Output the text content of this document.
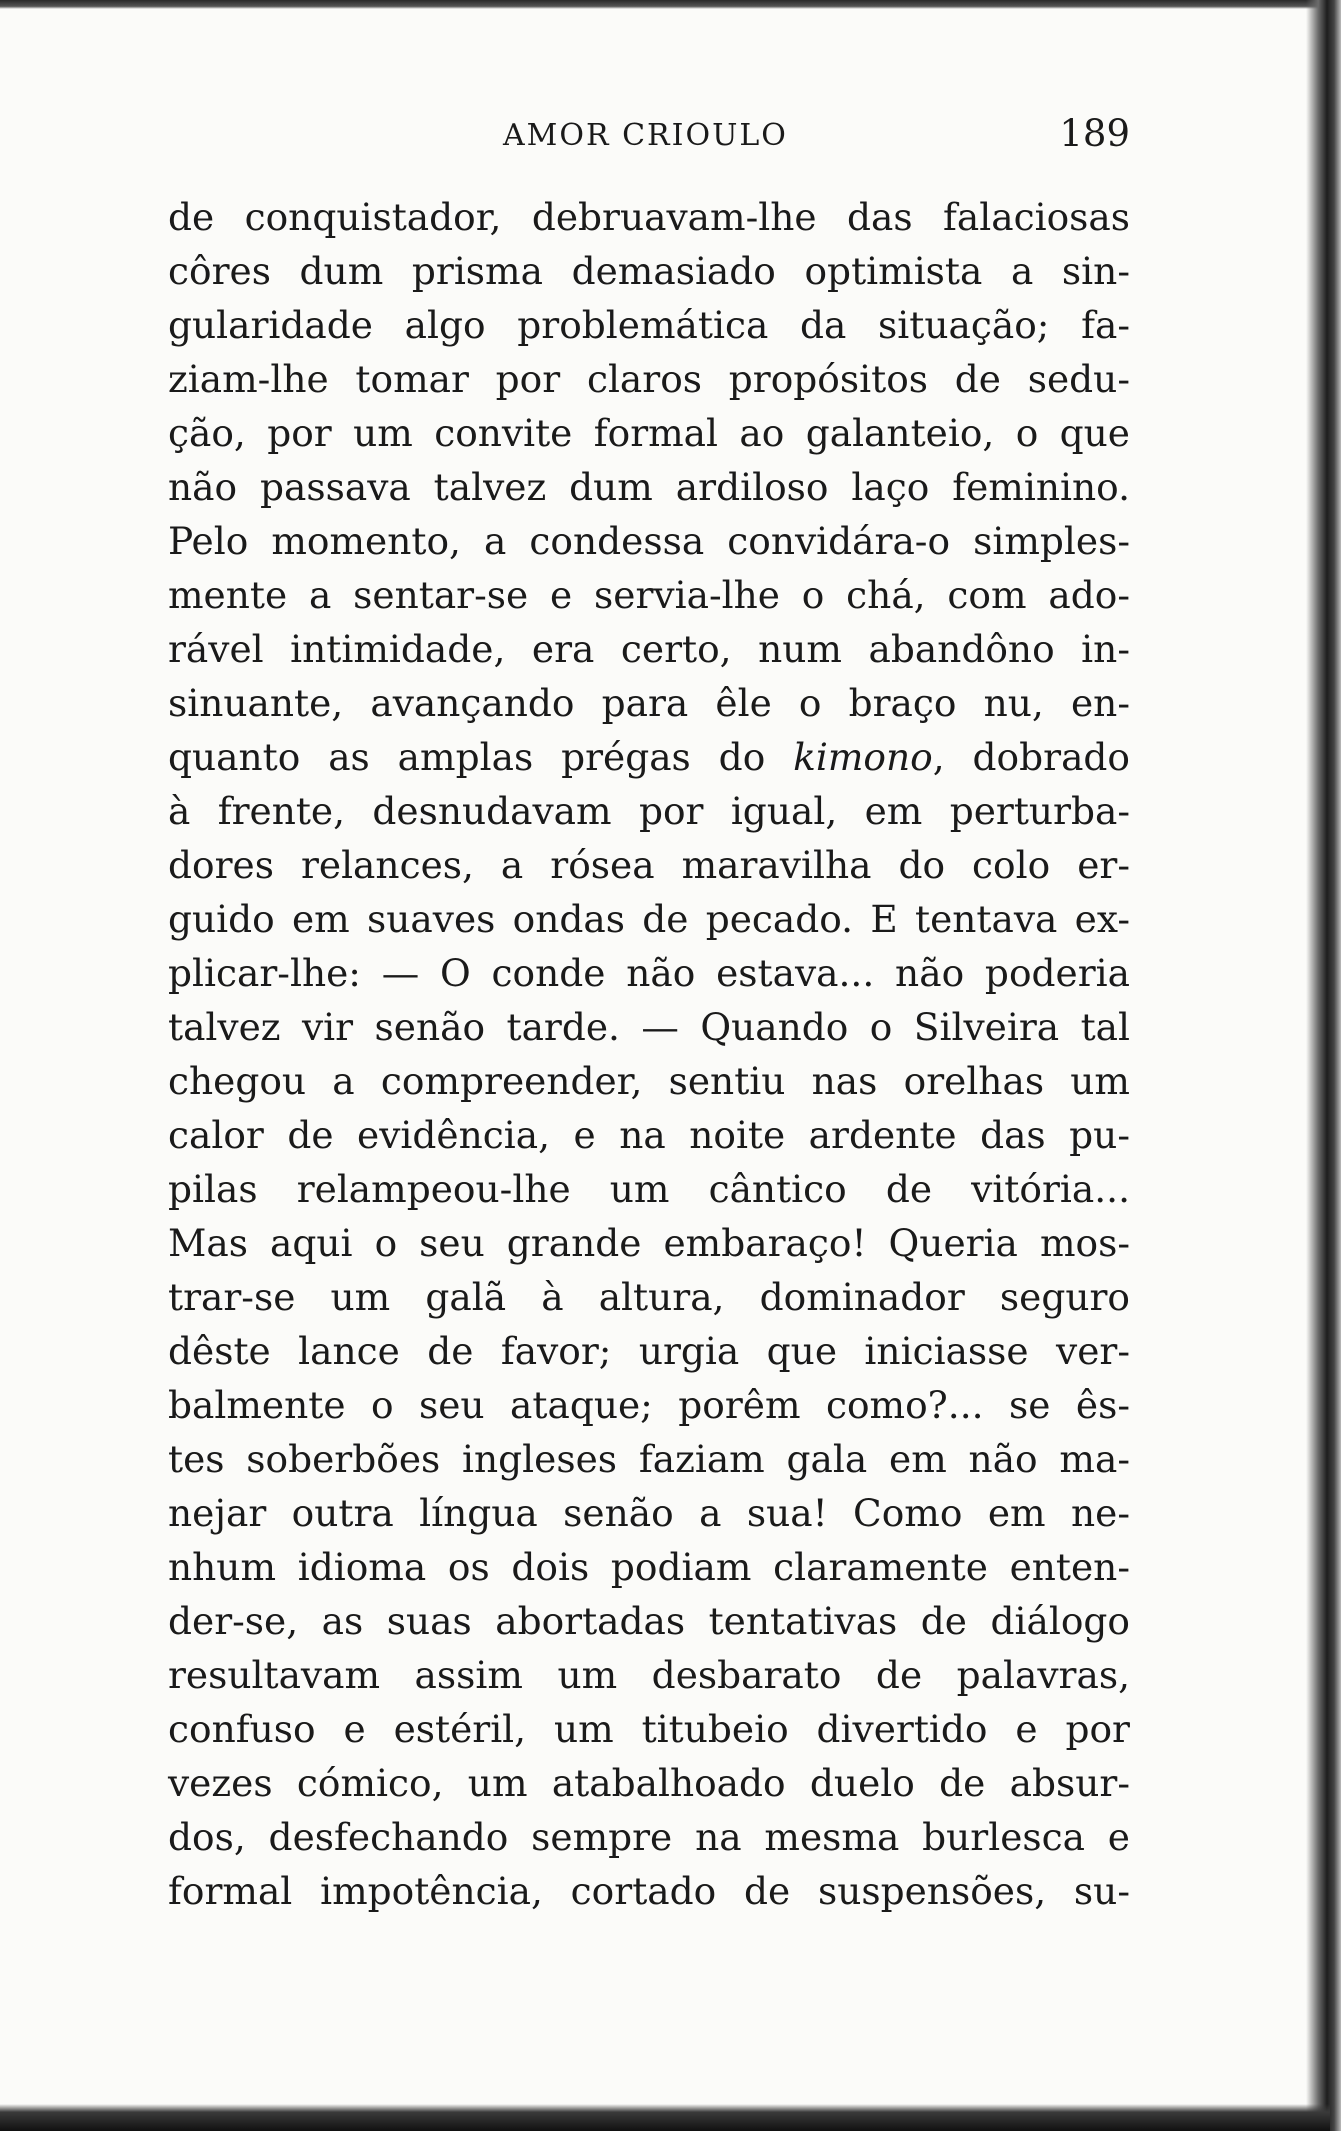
AMOR CRIOULO	189
de conquistador, debruavam-lhe das falaciosas
côres dum prisma demasiado optimista a sin-
gularidade algo problemática da situação; fa-
ziam-lhe tomar por claros propósitos de sedu-
ção, por um convite formal ao galanteio, o que
não passava talvez dum ardiloso laço feminino.
Pelo momento, a condessa convidára-o simples-
mente a sentar-se e servia-lhe o chá, com ado-
rável intimidade, era certo, num abandôno in-
sinuante, avançando para êle o braço nu, en-
quanto as amplas prégas do kimono, dobrado
à frente, desnudavam por igual, em perturba-
dores relances, a rósea maravilha do colo er-
guido em suaves ondas de pecado. E tentava ex-
plicar-lhe: — O conde não estava... não poderia
talvez vir senão tarde. — Quando o Silveira tal
chegou a compreender, sentiu nas orelhas um
calor de evidência, e na noite ardente das pu-
pilas relampeou-lhe um cântico de vitória...
Mas aqui o seu grande embaraço! Queria mos-
trar-se um galã à altura, dominador seguro
dêste lance de favor; urgia que iniciasse ver-
balmente o seu ataque; porêm como?... se ês-
tes soberbões ingleses faziam gala em não ma-
nejar outra língua senão a sua! Como em ne-
nhum idioma os dois podiam claramente enten-
der-se, as suas abortadas tentativas de diálogo
resultavam assim um desbarato de palavras,
confuso e estéril, um titubeio divertido e por
vezes cómico, um atabalhoado duelo de absur-
dos, desfechando sempre na mesma burlesca e
formal impotência, cortado de suspensões, su-
